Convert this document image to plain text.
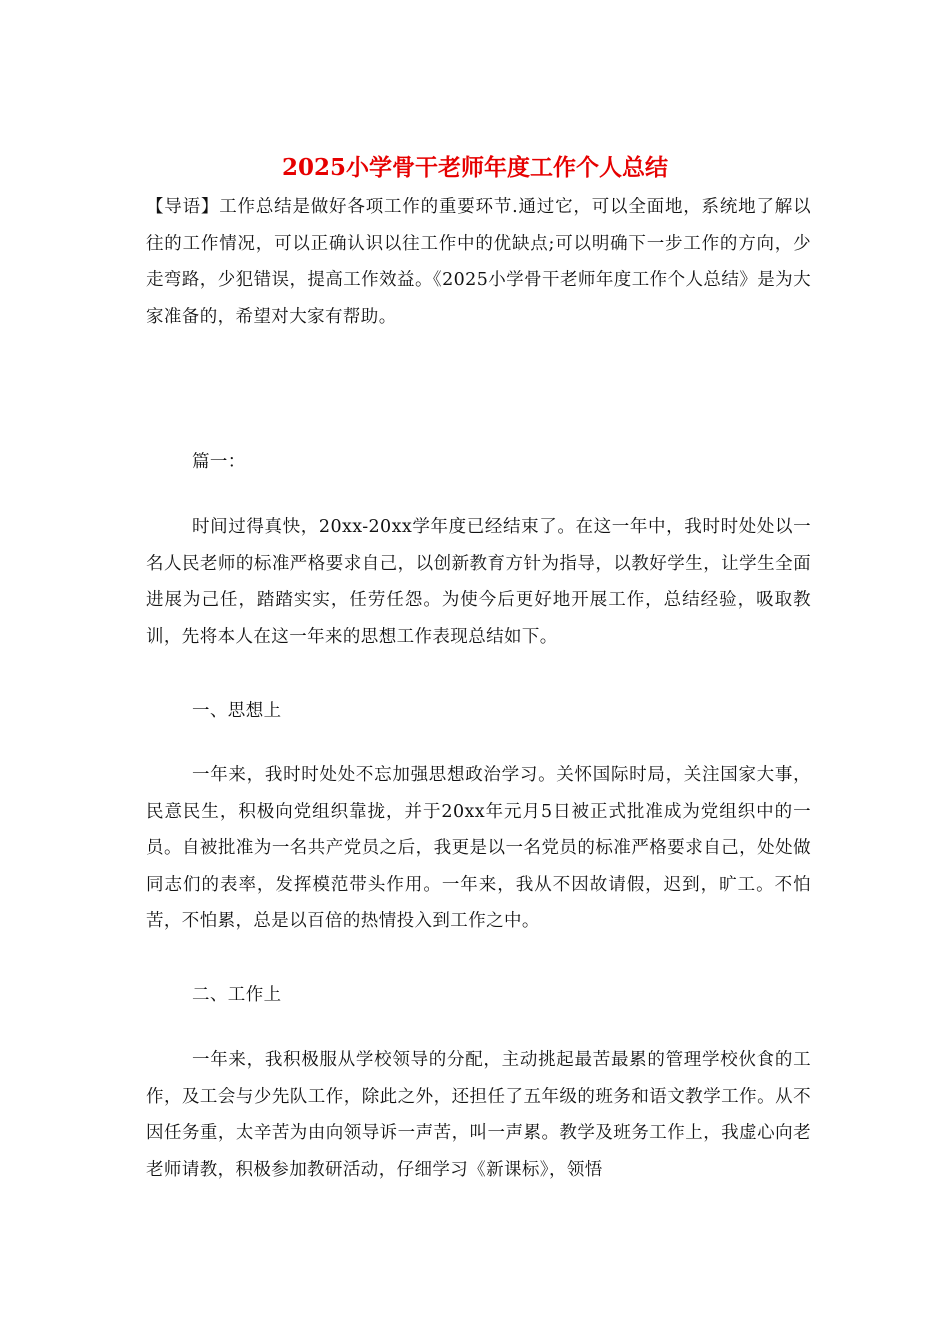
2025小学骨干老师年度工作个人总结

【导语】工作总结是做好各项工作的重要环节.通过它，可以全面地，系统地了解以往的工作情况，可以正确认识以往工作中的优缺点;可以明确下一步工作的方向，少走弯路，少犯错误，提高工作效益。《2025小学骨干老师年度工作个人总结》是为大家准备的，希望对大家有帮助。

篇一：

时间过得真快，20xx-20xx学年度已经结束了。在这一年中，我时时处处以一名人民老师的标准严格要求自己，以创新教育方针为指导，以教好学生，让学生全面进展为己任，踏踏实实，任劳任怨。为使今后更好地开展工作，总结经验，吸取教训，先将本人在这一年来的思想工作表现总结如下。

一、思想上

一年来，我时时处处不忘加强思想政治学习。关怀国际时局，关注国家大事，民意民生，积极向党组织靠拢，并于20xx年元月5日被正式批准成为党组织中的一员。自被批准为一名共产党员之后，我更是以一名党员的标准严格要求自己，处处做同志们的表率，发挥模范带头作用。一年来，我从不因故请假，迟到，旷工。不怕苦，不怕累，总是以百倍的热情投入到工作之中。

二、工作上

一年来，我积极服从学校领导的分配，主动挑起最苦最累的管理学校伙食的工作，及工会与少先队工作，除此之外，还担任了五年级的班务和语文教学工作。从不因任务重，太辛苦为由向领导诉一声苦，叫一声累。教学及班务工作上，我虚心向老老师请教，积极参加教研活动，仔细学习《新课标》，领悟
